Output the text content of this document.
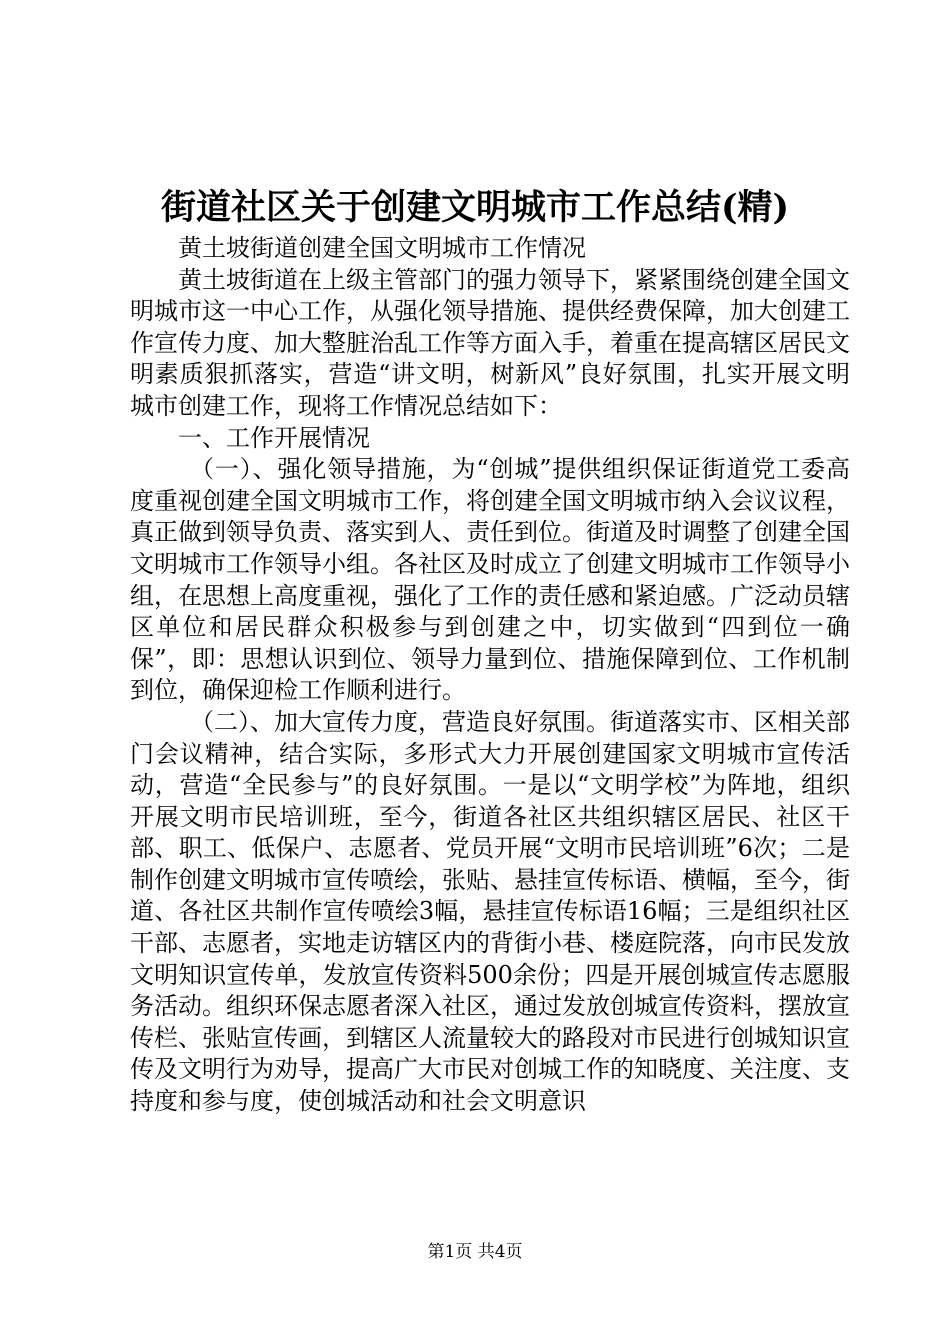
街道社区关于创建文明城市工作总结(精)

黄土坡街道创建全国文明城市工作情况

黄土坡街道在上级主管部门的强力领导下，紧紧围绕创建全国文明城市这一中心工作，从强化领导措施、提供经费保障，加大创建工作宣传力度、加大整脏治乱工作等方面入手，着重在提高辖区居民文明素质狠抓落实，营造“讲文明，树新风”良好氛围，扎实开展文明城市创建工作，现将工作情况总结如下：

一、工作开展情况

（一）、强化领导措施，为“创城”提供组织保证街道党工委高度重视创建全国文明城市工作，将创建全国文明城市纳入会议议程，真正做到领导负责、落实到人、责任到位。街道及时调整了创建全国文明城市工作领导小组。各社区及时成立了创建文明城市工作领导小组，在思想上高度重视，强化了工作的责任感和紧迫感。广泛动员辖区单位和居民群众积极参与到创建之中，切实做到“四到位一确保”，即：思想认识到位、领导力量到位、措施保障到位、工作机制到位，确保迎检工作顺利进行。

（二）、加大宣传力度，营造良好氛围。街道落实市、区相关部门会议精神，结合实际，多形式大力开展创建国家文明城市宣传活动，营造“全民参与”的良好氛围。一是以“文明学校”为阵地，组织开展文明市民培训班，至今，街道各社区共组织辖区居民、社区干部、职工、低保户、志愿者、党员开展“文明市民培训班”6次；二是制作创建文明城市宣传喷绘，张贴、悬挂宣传标语、横幅，至今，街道、各社区共制作宣传喷绘3幅，悬挂宣传标语16幅；三是组织社区干部、志愿者，实地走访辖区内的背街小巷、楼庭院落，向市民发放文明知识宣传单，发放宣传资料500余份；四是开展创城宣传志愿服务活动。组织环保志愿者深入社区，通过发放创城宣传资料，摆放宣传栏、张贴宣传画，到辖区人流量较大的路段对市民进行创城知识宣传及文明行为劝导，提高广大市民对创城工作的知晓度、关注度、支持度和参与度，使创城活动和社会文明意识

第1页 共4页
